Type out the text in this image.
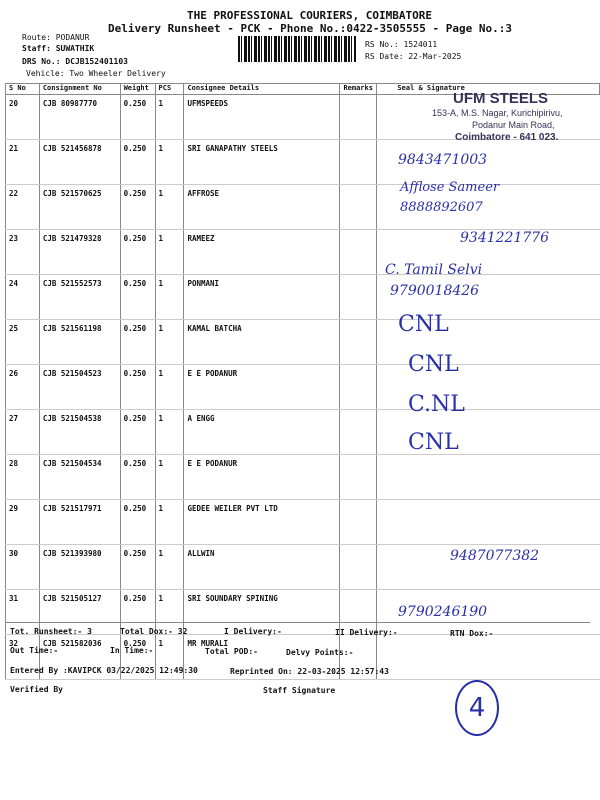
THE PROFESSIONAL COURIERS, COIMBATORE
Delivery Runsheet - PCK - Phone No.:0422-3505555 - Page No.:3
Route: PODANUR
Staff: SUWATHIK
DRS No.: DCJB152401103
Vehicle: Two Wheeler Delivery
RS No.: 1524011
RS Date: 22-Mar-2025
S No	Consignment No	Weight	PCS	Consignee Details	Remarks	Seal & Signature
20	CJB 80987770	0.250	1	UFMSPEEDS		
21	CJB 521456878	0.250	1	SRI GANAPATHY STEELS		
22	CJB 521570625	0.250	1	AFFROSE		
23	CJB 521479328	0.250	1	RAMEEZ		
24	CJB 521552573	0.250	1	PONMANI		
25	CJB 521561198	0.250	1	KAMAL BATCHA		
26	CJB 521504523	0.250	1	E E PODANUR		
27	CJB 521504538	0.250	1	A ENGG		
28	CJB 521504534	0.250	1	E E PODANUR		
29	CJB 521517971	0.250	1	GEDEE WEILER PVT LTD		
30	CJB 521393980	0.250	1	ALLWIN		
31	CJB 521505127	0.250	1	SRI SOUNDARY SPINING		
32	CJB 521582036	0.250	1	MR MURALI		
UFM STEELS
153-A, M.S. Nagar, Kurichipirivu,
Podanur Main Road,
Coimbatore - 641 023.
9843471003
Afflose Sameer
8888892607
9341221776
C. Tamil Selvi
9790018426
CNL
CNL
C.NL
CNL
9487077382
9790246190
Tot. Runsheet:- 3	Total Dox:- 32	I Delivery:-	II Delivery:-	RTN Dox:-
Out Time:-	In Time:-	Total POD:-	Delvy Points:-
Entered By :KAVIPCK 03/22/2025 12:49:30	Reprinted On: 22-03-2025 12:57:43
Verified By	Staff Signature
4
